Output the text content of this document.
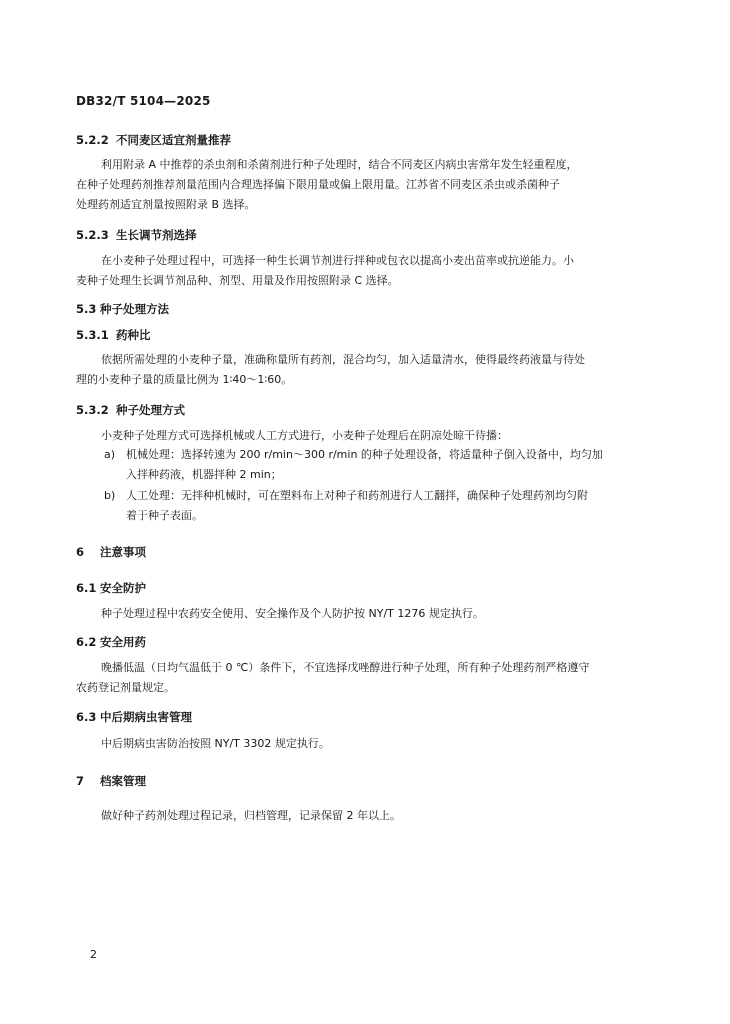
DB32/T 5104—2025
5.2.2 不同麦区适宜剂量推荐
利用附录 A 中推荐的杀虫剂和杀菌剂进行种子处理时，结合不同麦区内病虫害常年发生轻重程度，
在种子处理药剂推荐剂量范围内合理选择偏下限用量或偏上限用量。江苏省不同麦区杀虫或杀菌种子
处理药剂适宜剂量按照附录 B 选择。
5.2.3 生长调节剂选择
在小麦种子处理过程中，可选择一种生长调节剂进行拌种或包衣以提高小麦出苗率或抗逆能力。小
麦种子处理生长调节剂品种、剂型、用量及作用按照附录 C 选择。
5.3 种子处理方法
5.3.1 药种比
依据所需处理的小麦种子量，准确称量所有药剂，混合均匀，加入适量清水，使得最终药液量与待处
理的小麦种子量的质量比例为 1∶40～1∶60。
5.3.2 种子处理方式
小麦种子处理方式可选择机械或人工方式进行，小麦种子处理后在阴凉处晾干待播：
a) 机械处理：选择转速为 200 r/min～300 r/min 的种子处理设备，将适量种子倒入设备中，均匀加
入拌种药液，机器拌种 2 min；
b) 人工处理：无拌种机械时，可在塑料布上对种子和药剂进行人工翻拌，确保种子处理药剂均匀附
着于种子表面。
6 注意事项
6.1 安全防护
种子处理过程中农药安全使用、安全操作及个人防护按 NY/T 1276 规定执行。
6.2 安全用药
晚播低温（日均气温低于 0 ℃）条件下，不宜选择戊唑醇进行种子处理，所有种子处理药剂严格遵守
农药登记剂量规定。
6.3 中后期病虫害管理
中后期病虫害防治按照 NY/T 3302 规定执行。
7 档案管理
做好种子药剂处理过程记录，归档管理，记录保留 2 年以上。
2
